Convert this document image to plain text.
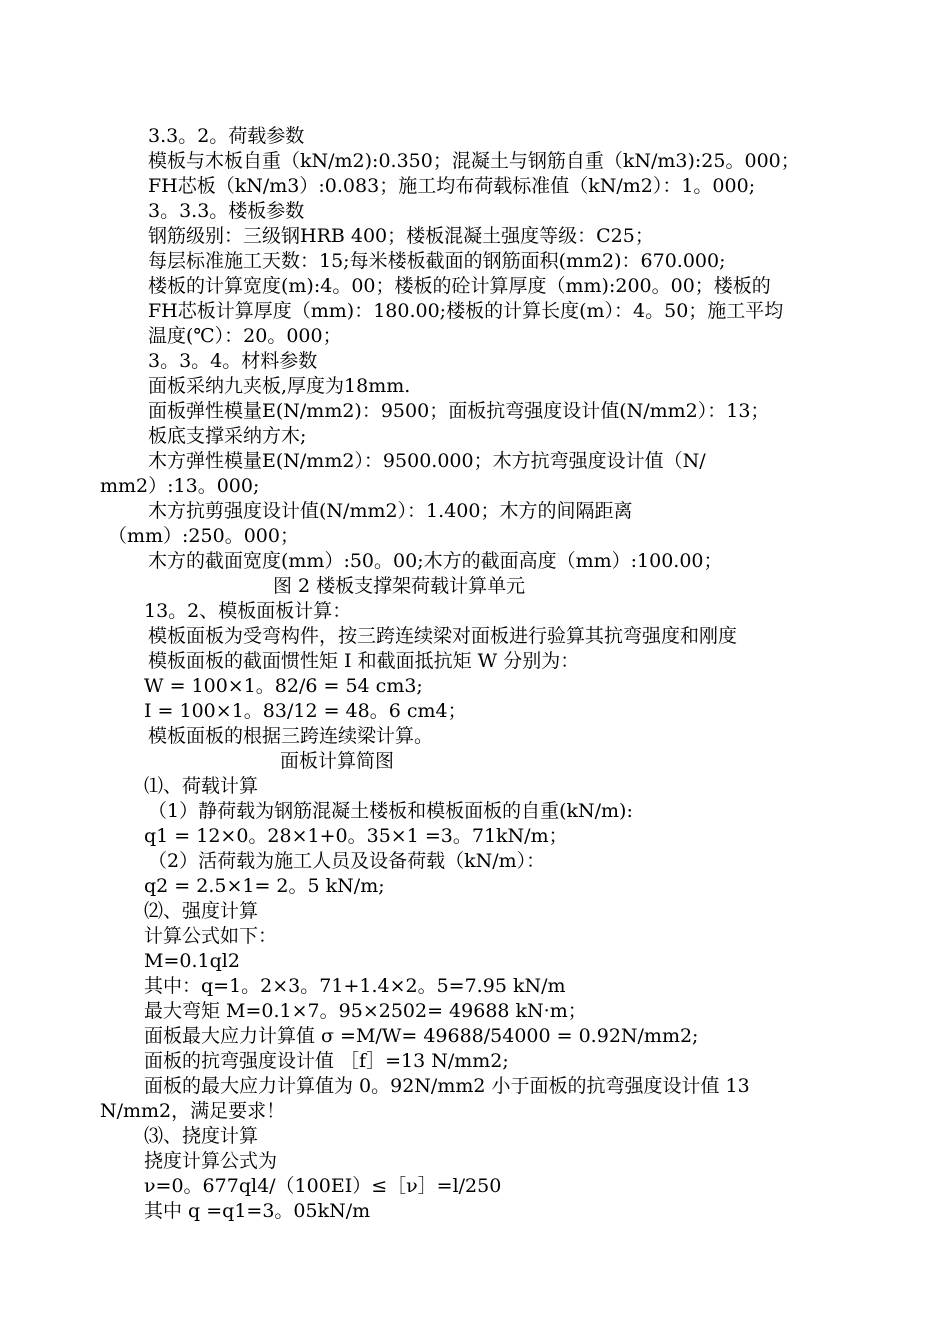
3.3。2。荷载参数
模板与木板自重（kN/m2):0.350；混凝土与钢筋自重（kN/m3):25。000；
FH芯板（kN/m3）:0.083；施工均布荷载标准值（kN/m2）：1。000;
3。3.3。楼板参数
钢筋级别：三级钢HRB 400；楼板混凝土强度等级：C25；
每层标准施工天数：15;每米楼板截面的钢筋面积(mm2)：670.000;
楼板的计算宽度(m):4。00；楼板的砼计算厚度（mm):200。00；楼板的
FH芯板计算厚度（mm)：180.00;楼板的计算长度(m）：4。50；施工平均
温度(℃）：20。000；
3。3。4。材料参数
面板采纳九夹板,厚度为18mm.
面板弹性模量E(N/mm2)：9500；面板抗弯强度设计值(N/mm2）：13；
板底支撑采纳方木;
木方弹性模量E(N/mm2）：9500.000；木方抗弯强度设计值（N/
mm2）:13。000;
木方抗剪强度设计值(N/mm2）：1.400；木方的间隔距离
（mm）:250。000；
木方的截面宽度(mm）:50。00;木方的截面高度（mm）:100.00；
图 2 楼板支撑架荷载计算单元
13。2、模板面板计算：
模板面板为受弯构件，按三跨连续梁对面板进行验算其抗弯强度和刚度
模板面板的截面惯性矩 I 和截面抵抗矩 W 分别为：
W = 100×1。82/6 = 54 cm3;
I = 100×1。83/12 = 48。6 cm4；
模板面板的根据三跨连续梁计算。
面板计算简图
⑴、荷载计算
（1）静荷载为钢筋混凝土楼板和模板面板的自重(kN/m):
q1 = 12×0。28×1+0。35×1 =3。71kN/m；
（2）活荷载为施工人员及设备荷载（kN/m）：
q2 = 2.5×1= 2。5 kN/m;
⑵、强度计算
计算公式如下：
M=0.1ql2
其中：q=1。2×3。71+1.4×2。5=7.95 kN/m
最大弯矩 M=0.1×7。95×2502= 49688 kN·m；
面板最大应力计算值 σ =M/W= 49688/54000 = 0.92N/mm2;
面板的抗弯强度设计值 ［f］=13 N/mm2;
面板的最大应力计算值为 0。92N/mm2 小于面板的抗弯强度设计值 13
N/mm2，满足要求！
⑶、挠度计算
挠度计算公式为
ν=0。677ql4/（100EI）≤［ν］=l/250
其中 q =q1=3。05kN/m
